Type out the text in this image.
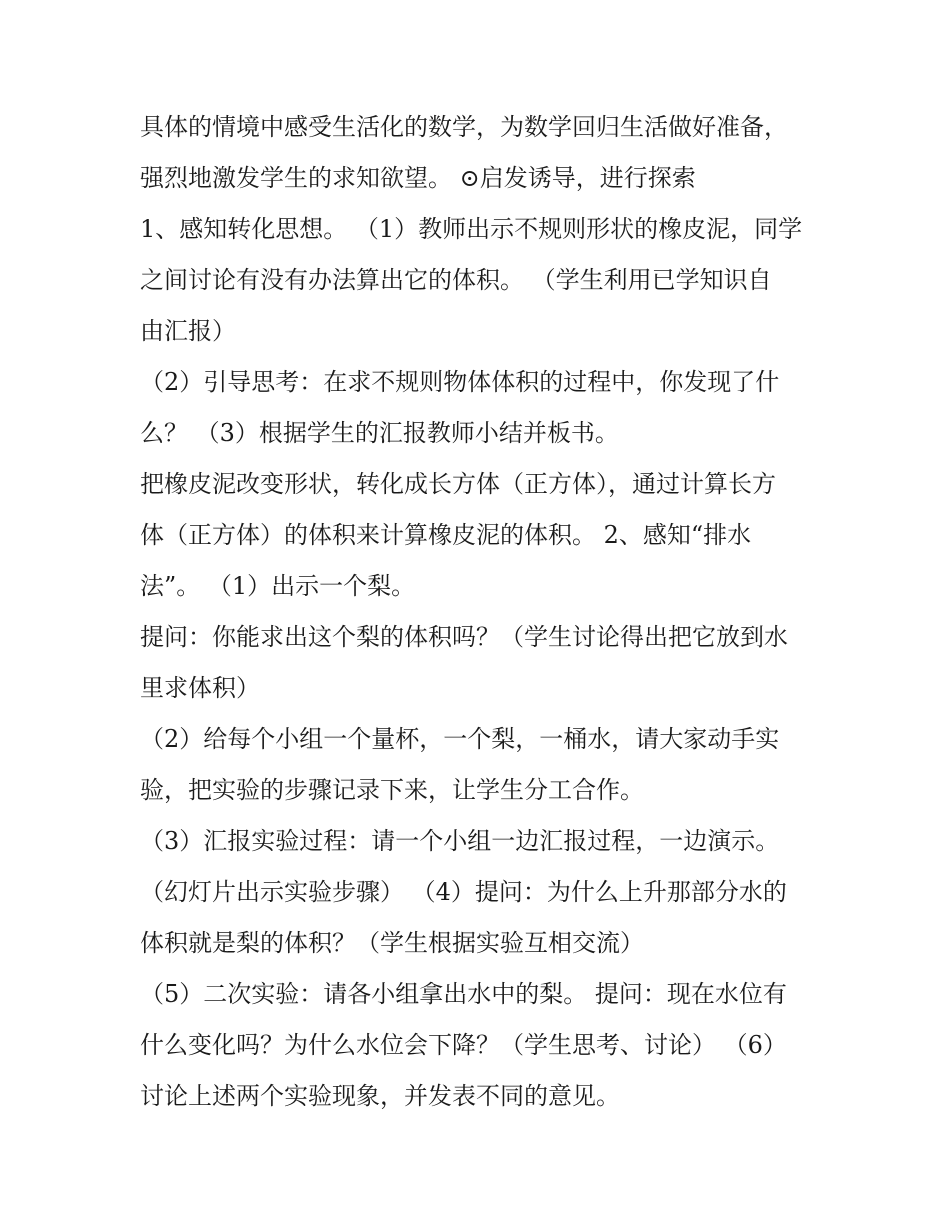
具体的情境中感受生活化的数学，为数学回归生活做好准备，
强烈地激发学生的求知欲望。 ⊙启发诱导，进行探索
1、感知转化思想。 （1）教师出示不规则形状的橡皮泥，同学
之间讨论有没有办法算出它的体积。 （学生利用已学知识自
由汇报）
（2）引导思考：在求不规则物体体积的过程中，你发现了什
么？ （3）根据学生的汇报教师小结并板书。
把橡皮泥改变形状，转化成长方体（正方体），通过计算长方
体（正方体）的体积来计算橡皮泥的体积。 2、感知“排水
法”。 （1）出示一个梨。
提问：你能求出这个梨的体积吗？（学生讨论得出把它放到水
里求体积）
（2）给每个小组一个量杯，一个梨，一桶水，请大家动手实
验，把实验的步骤记录下来，让学生分工合作。
（3）汇报实验过程：请一个小组一边汇报过程，一边演示。
（幻灯片出示实验步骤） （4）提问：为什么上升那部分水的
体积就是梨的体积？（学生根据实验互相交流）
（5）二次实验：请各小组拿出水中的梨。 提问：现在水位有
什么变化吗？为什么水位会下降？（学生思考、讨论） （6）
讨论上述两个实验现象，并发表不同的意见。
